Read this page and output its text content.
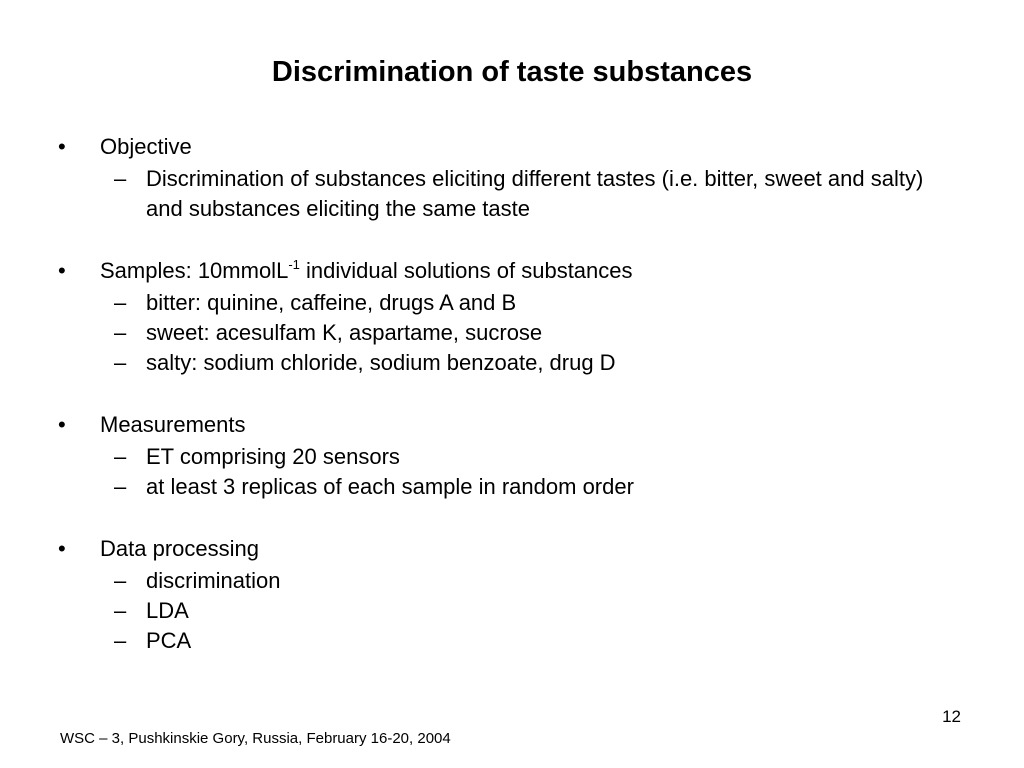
Discrimination of taste substances
•	Objective
– Discrimination of substances eliciting different tastes (i.e. bitter, sweet and salty) and substances eliciting the same taste
•	Samples: 10mmolL$^{-1}$ individual solutions of substances
– bitter: quinine, caffeine, drugs A and B
– sweet: acesulfam K, aspartame, sucrose
– salty: sodium chloride, sodium benzoate, drug D
•	Measurements
– ET comprising 20 sensors
– at least 3 replicas of each sample in random order
•	Data processing
– discrimination
– LDA
– PCA
12
WSC – 3, Pushkinskie Gory, Russia, February 16-20, 2004
